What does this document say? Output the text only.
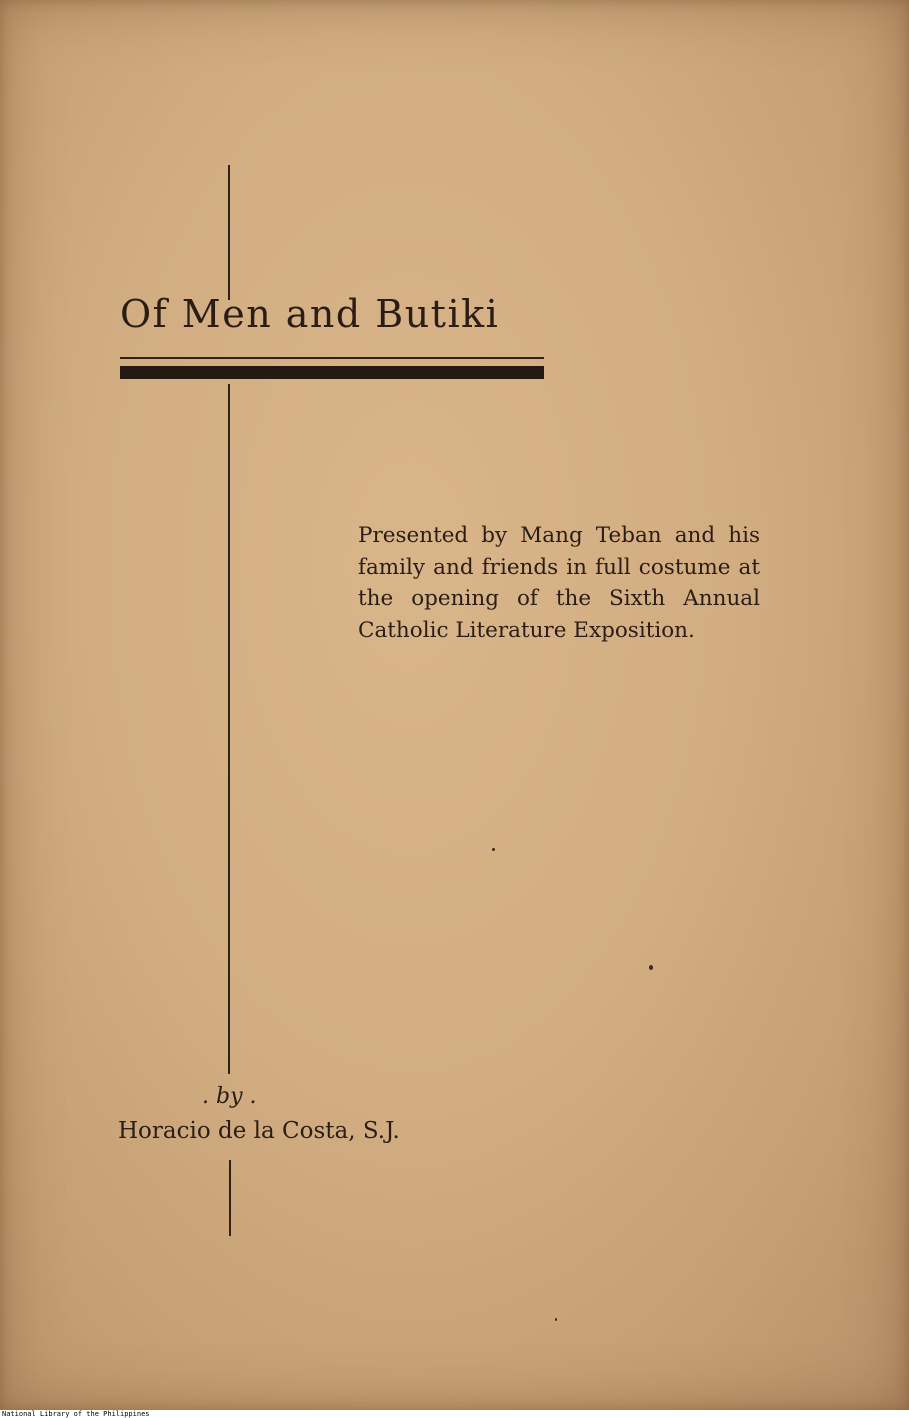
Of Men and Butiki

Presented by Mang Teban and his family and friends in full costume at the opening of the Sixth Annual Catholic Literature Exposition.

. by .
Horacio de la Costa, S.J.
National Library of the Philippines
